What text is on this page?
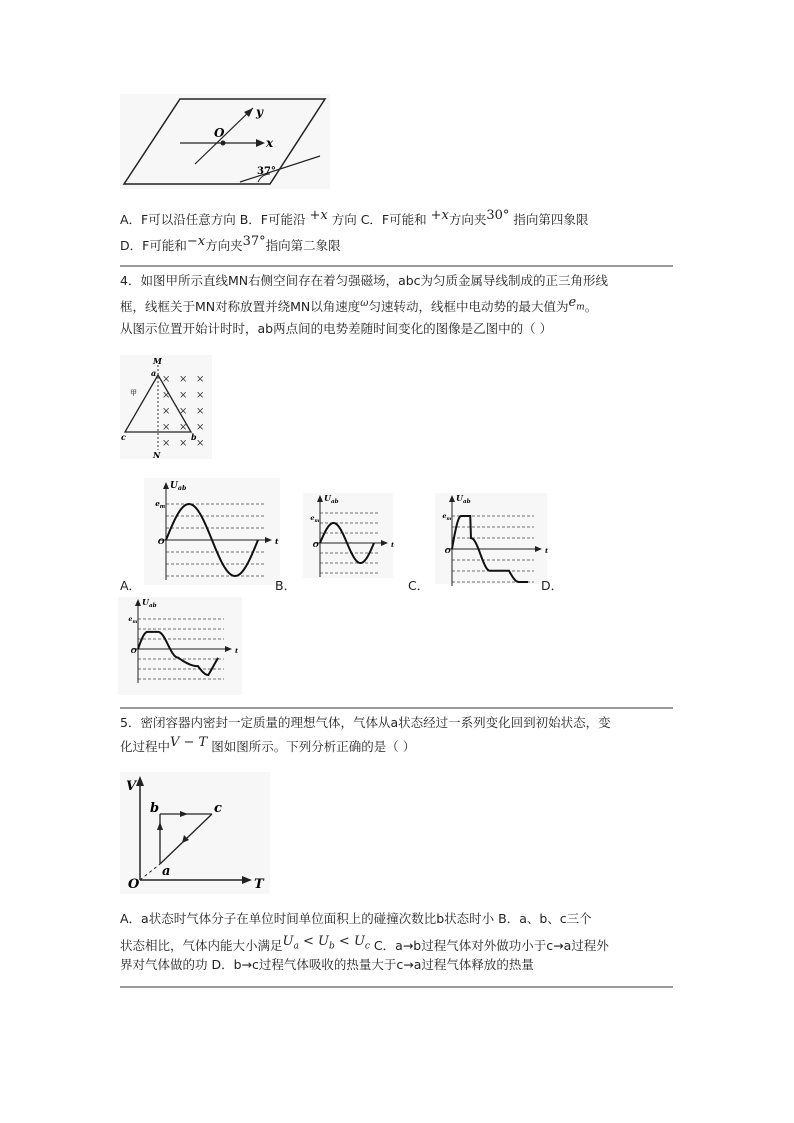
y
O
x
37°
A．F可以沿任意方向 B．F可能沿 +x 方向 C．F可能和 +x方向夹30° 指向第四象限
D．F可能和−x方向夹37°指向第二象限
4．如图甲所示直线MN右侧空间存在着匀强磁场，abc为匀质金属导线制成的正三角形线
框，线框关于MN对称放置并绕MN以角速度$^\omega$匀速转动，线框中电动势的最大值为$e_m$。
从图示位置开始计时时，ab两点间的电势差随时间变化的图像是乙图中的（ ）
× × ×
× × ×
× × ×
× × ×
× × ×
M
N
a
b
c
甲
$U_{ab}$
$e_m$
O	t
$U_{ab}$
$e_m$
O	t
$U_{ab}$
$e_m$
O	t
$U_{ab}$
$e_m$
O	t
A．	B．	C．	D．
5．密闭容器内密封一定质量的理想气体，气体从a状态经过一系列变化回到初始状态，变
化过程中V − T 图如图所示。下列分析正确的是（ ）
V
T
O
a
b	c
A．a状态时气体分子在单位时间单位面积上的碰撞次数比b状态时小 B．a、b、c三个
状态相比，气体内能大小满足$U_a < U_b < U_c$ C．a→b过程气体对外做功小于c→a过程外
界对气体做的功 D．b→c过程气体吸收的热量大于c→a过程气体释放的热量
